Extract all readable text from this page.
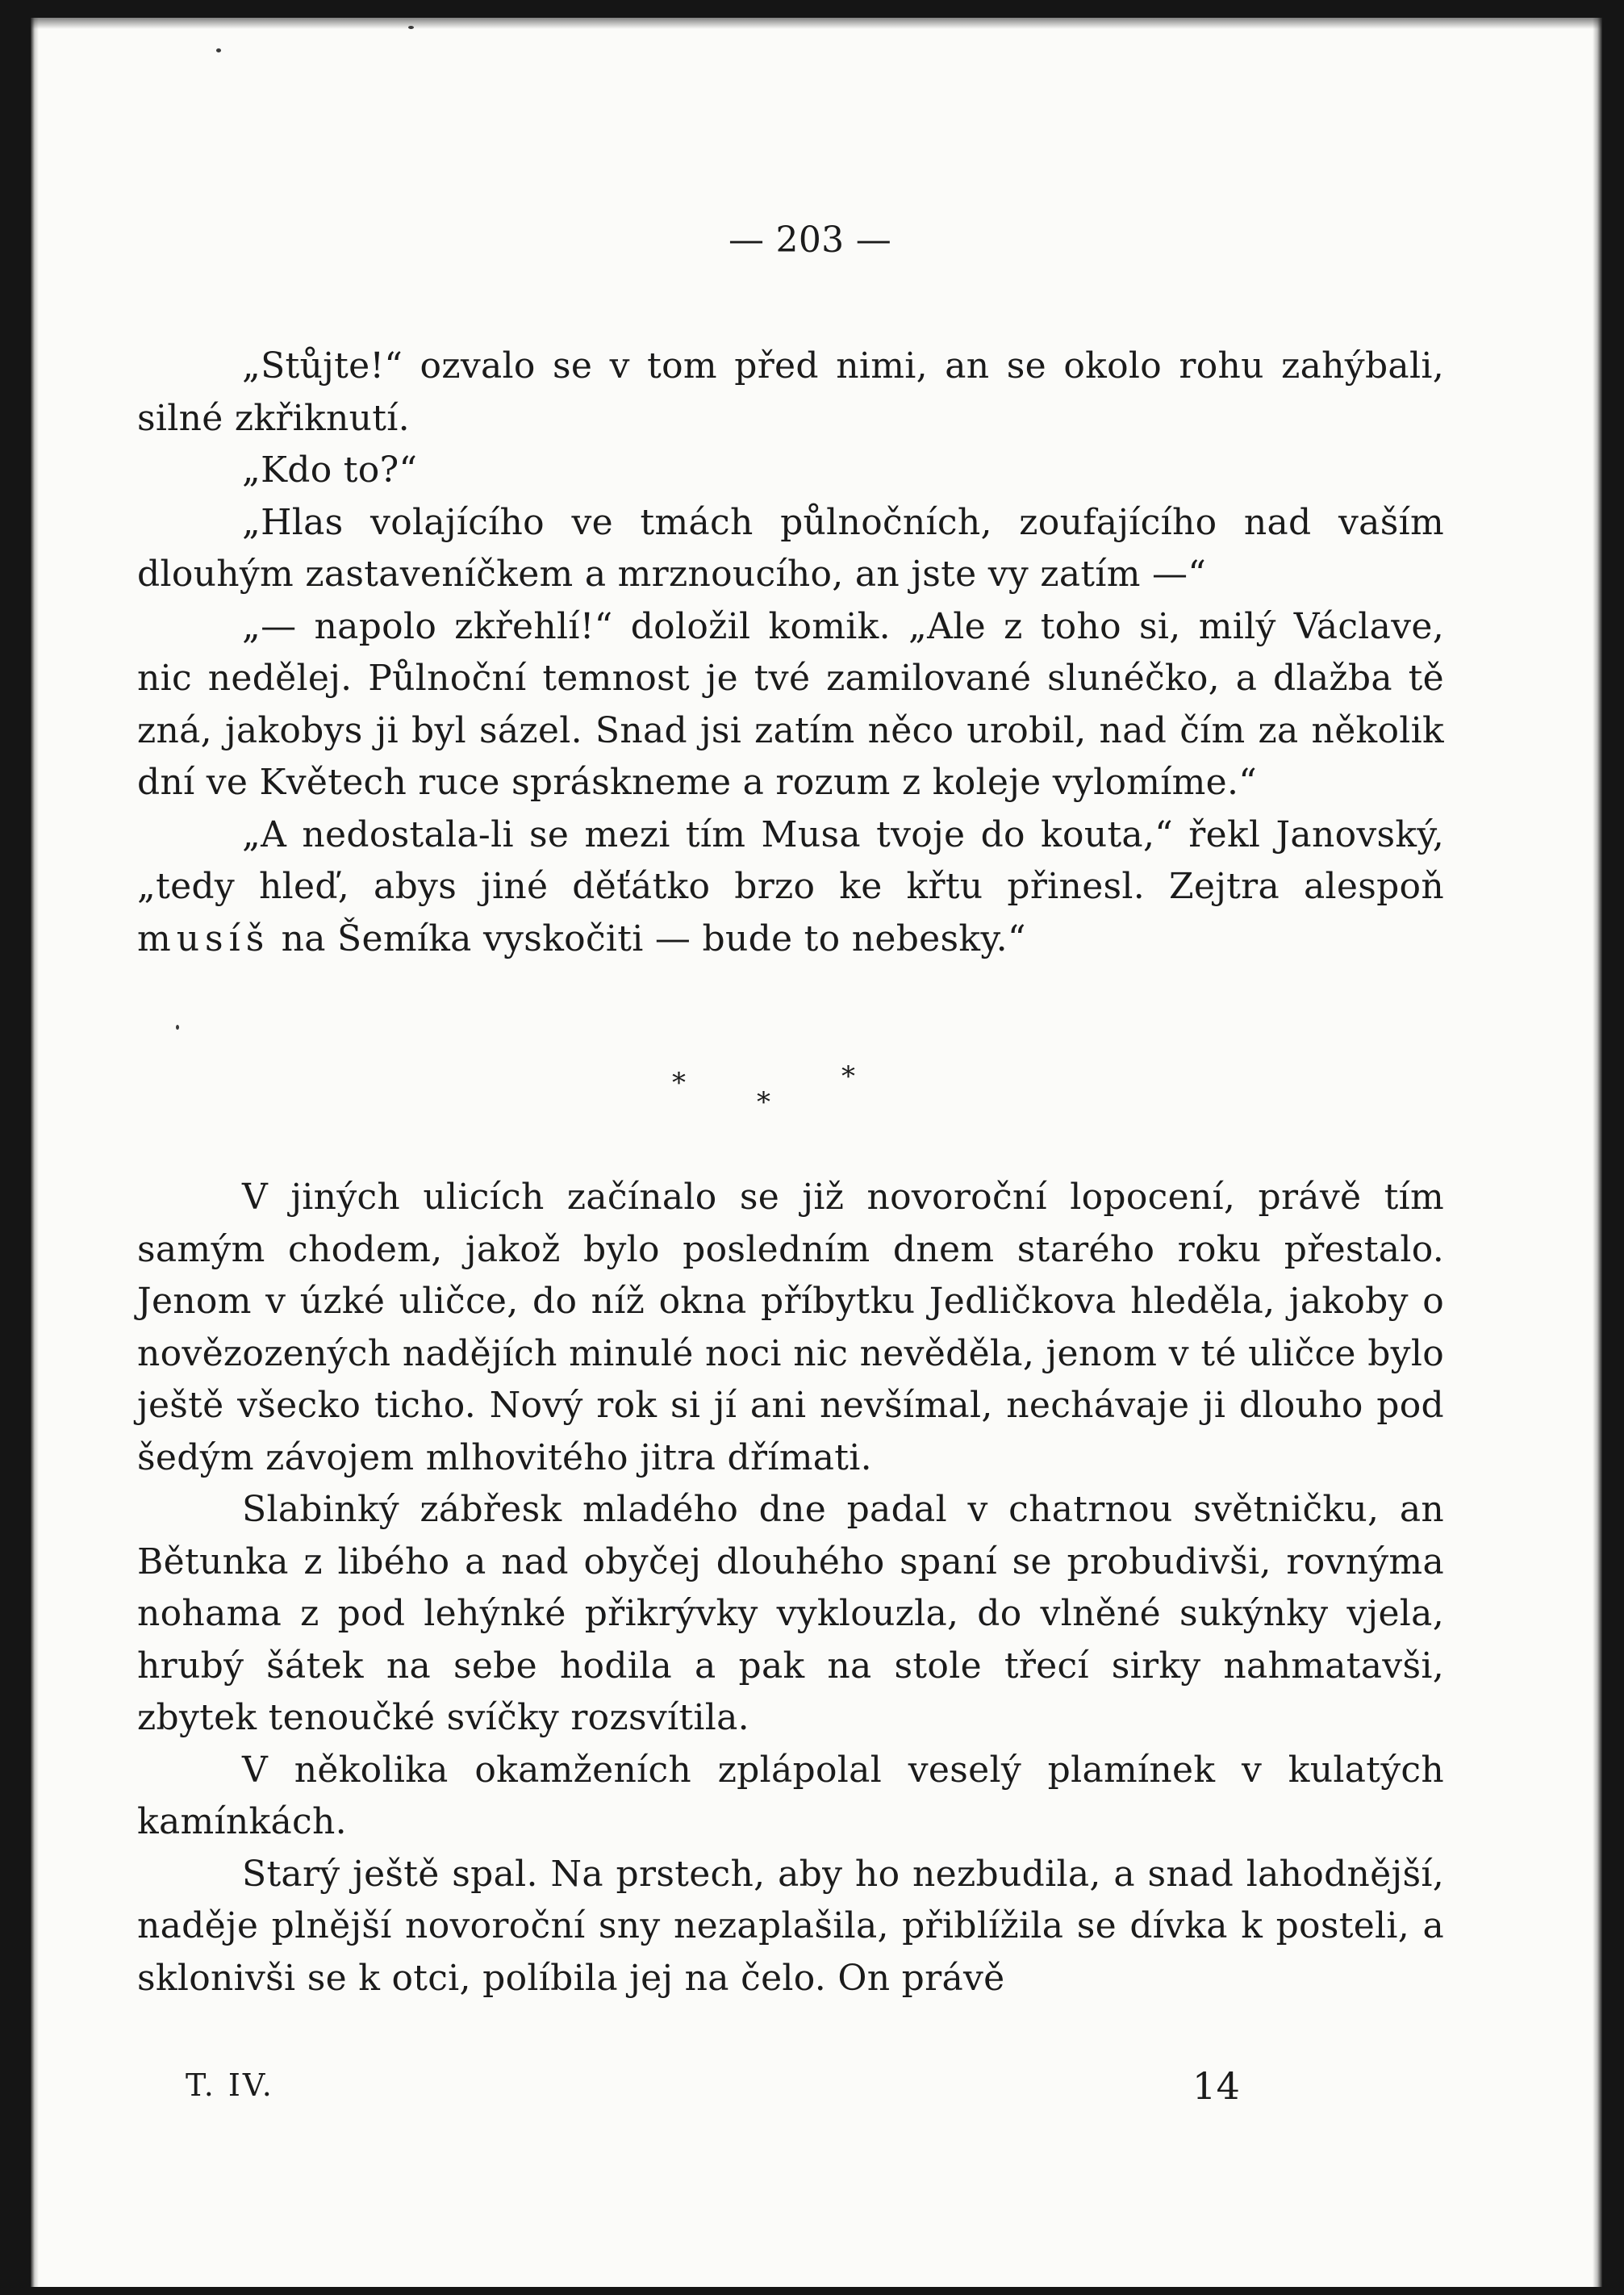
— 203 —

„Stůjte!“ ozvalo se v tom před nimi, an se okolo rohu zahýbali, silné zkřiknutí.

„Kdo to?“

„Hlas volajícího ve tmách půlnočních, zoufajícího nad vaším dlouhým zastaveníčkem a mrznoucího, an jste vy zatím —“

„— napolo zkřehlí!“ doložil komik. „Ale z toho si, milý Václave, nic nedělej. Půlnoční temnost je tvé zamilované slunéčko, a dlažba tě zná, jakobys ji byl sázel. Snad jsi zatím něco urobil, nad čím za několik dní ve Květech ruce spráskneme a rozum z koleje vylomíme.“

„A nedostala-li se mezi tím Musa tvoje do kouta,“ řekl Janovský, „tedy hleď, abys jiné děťátko brzo ke křtu přinesl. Zejtra alespoň musíš na Šemíka vyskočiti — bude to nebesky.“

*	*
*

V jiných ulicích začínalo se již novoroční lopocení, právě tím samým chodem, jakož bylo posledním dnem starého roku přestalo. Jenom v úzké uličce, do níž okna příbytku Jedličkova hleděla, jakoby o novězozených nadějích minulé noci nic nevěděla, jenom v té uličce bylo ještě všecko ticho. Nový rok si jí ani nevšímal, nechávaje ji dlouho pod šedým závojem mlhovitého jitra dřímati.

Slabinký zábřesk mladého dne padal v chatrnou světničku, an Bětunka z libého a nad obyčej dlouhého spaní se probudivši, rovnýma nohama z pod lehýnké přikrývky vyklouzla, do vlněné sukýnky vjela, hrubý šátek na sebe hodila a pak na stole třecí sirky nahmatavši, zbytek tenoučké svíčky rozsvítila.

V několika okamženích zplápolal veselý plamínek v kulatých kamínkách.

Starý ještě spal. Na prstech, aby ho nezbudila, a snad lahodnější, naděje plnější novoroční sny nezaplašila, přiblížila se dívka k posteli, a sklonivši se k otci, políbila jej na čelo. On právě

T. IV.	14
